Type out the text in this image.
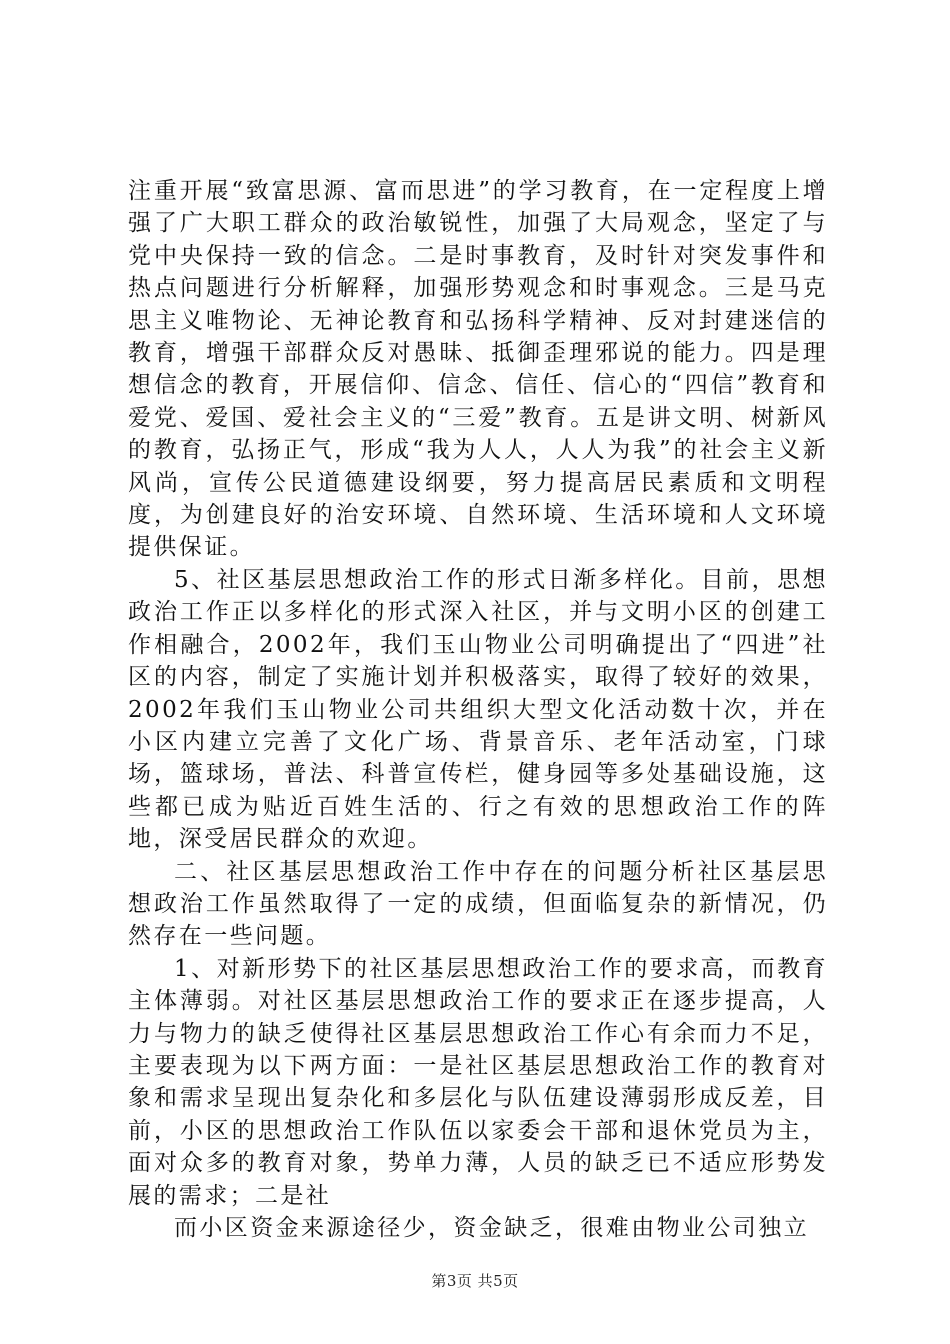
注重开展“致富思源、富而思进”的学习教育，在一定程度上增强了广大职工群众的政治敏锐性，加强了大局观念，坚定了与党中央保持一致的信念。二是时事教育，及时针对突发事件和热点问题进行分析解释，加强形势观念和时事观念。三是马克思主义唯物论、无神论教育和弘扬科学精神、反对封建迷信的教育，增强干部群众反对愚昧、抵御歪理邪说的能力。四是理想信念的教育，开展信仰、信念、信任、信心的“四信”教育和爱党、爱国、爱社会主义的“三爱”教育。五是讲文明、树新风的教育，弘扬正气，形成“我为人人，人人为我”的社会主义新风尚，宣传公民道德建设纲要，努力提高居民素质和文明程度，为创建良好的治安环境、自然环境、生活环境和人文环境提供保证。

5、社区基层思想政治工作的形式日渐多样化。目前，思想政治工作正以多样化的形式深入社区，并与文明小区的创建工作相融合，2002年，我们玉山物业公司明确提出了“四进”社区的内容，制定了实施计划并积极落实，取得了较好的效果，2002年我们玉山物业公司共组织大型文化活动数十次，并在小区内建立完善了文化广场、背景音乐、老年活动室，门球场，篮球场，普法、科普宣传栏，健身园等多处基础设施，这些都已成为贴近百姓生活的、行之有效的思想政治工作的阵地，深受居民群众的欢迎。

二、社区基层思想政治工作中存在的问题分析社区基层思想政治工作虽然取得了一定的成绩，但面临复杂的新情况，仍然存在一些问题。

1、对新形势下的社区基层思想政治工作的要求高，而教育主体薄弱。对社区基层思想政治工作的要求正在逐步提高，人力与物力的缺乏使得社区基层思想政治工作心有余而力不足，主要表现为以下两方面：一是社区基层思想政治工作的教育对象和需求呈现出复杂化和多层化与队伍建设薄弱形成反差，目前，小区的思想政治工作队伍以家委会干部和退休党员为主，面对众多的教育对象，势单力薄，人员的缺乏已不适应形势发展的需求；二是社

而小区资金来源途径少，资金缺乏，很难由物业公司独立

第3页 共5页
